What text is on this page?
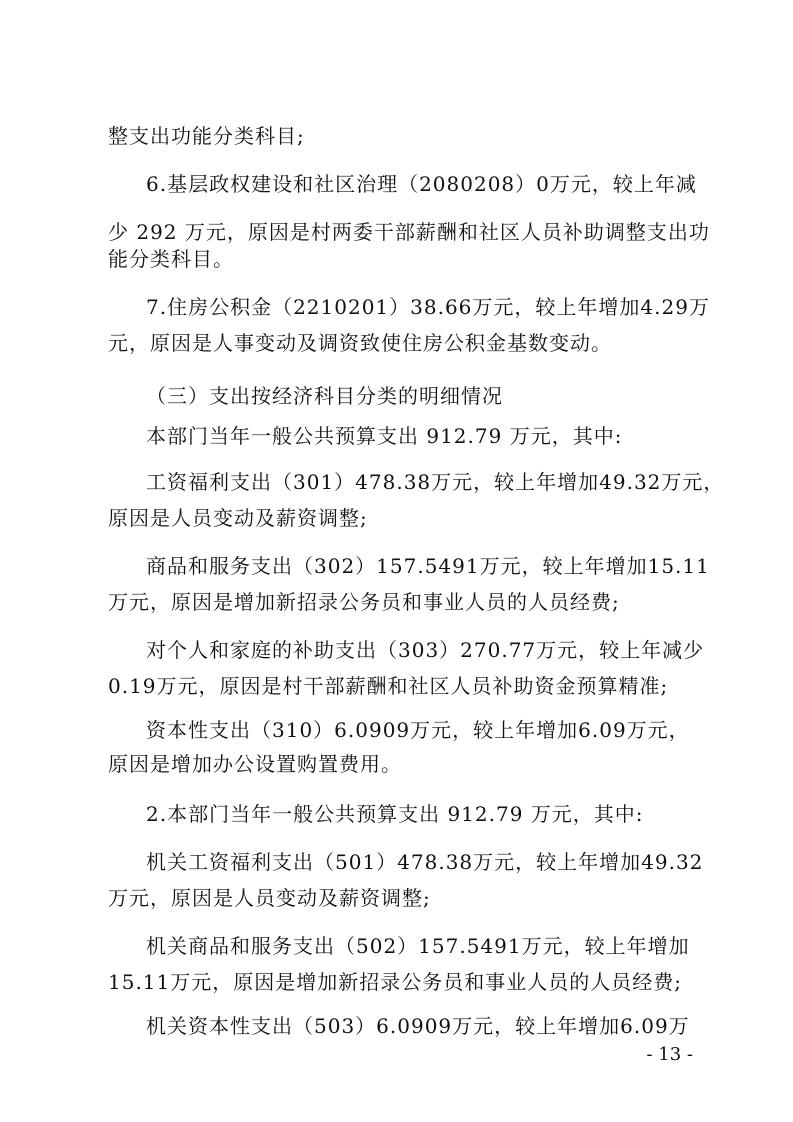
整支出功能分类科目;
6.基层政权建设和社区治理（2080208）0万元，较上年减
少 292 万元，原因是村两委干部薪酬和社区人员补助调整支出功
能分类科目。
7.住房公积金（2210201）38.66万元，较上年增加4.29万
元，原因是人事变动及调资致使住房公积金基数变动。
（三）支出按经济科目分类的明细情况
本部门当年一般公共预算支出 912.79 万元，其中:
工资福利支出（301）478.38万元，较上年增加49.32万元，
原因是人员变动及薪资调整;
商品和服务支出（302）157.5491万元，较上年增加15.11
万元，原因是增加新招录公务员和事业人员的人员经费;
对个人和家庭的补助支出（303）270.77万元，较上年减少
0.19万元，原因是村干部薪酬和社区人员补助资金预算精准;
资本性支出（310）6.0909万元，较上年增加6.09万元，
原因是增加办公设置购置费用。
2.本部门当年一般公共预算支出 912.79 万元，其中:
机关工资福利支出（501）478.38万元，较上年增加49.32
万元，原因是人员变动及薪资调整;
机关商品和服务支出（502）157.5491万元，较上年增加
15.11万元，原因是增加新招录公务员和事业人员的人员经费;
机关资本性支出（503）6.0909万元，较上年增加6.09万
- 13 -
